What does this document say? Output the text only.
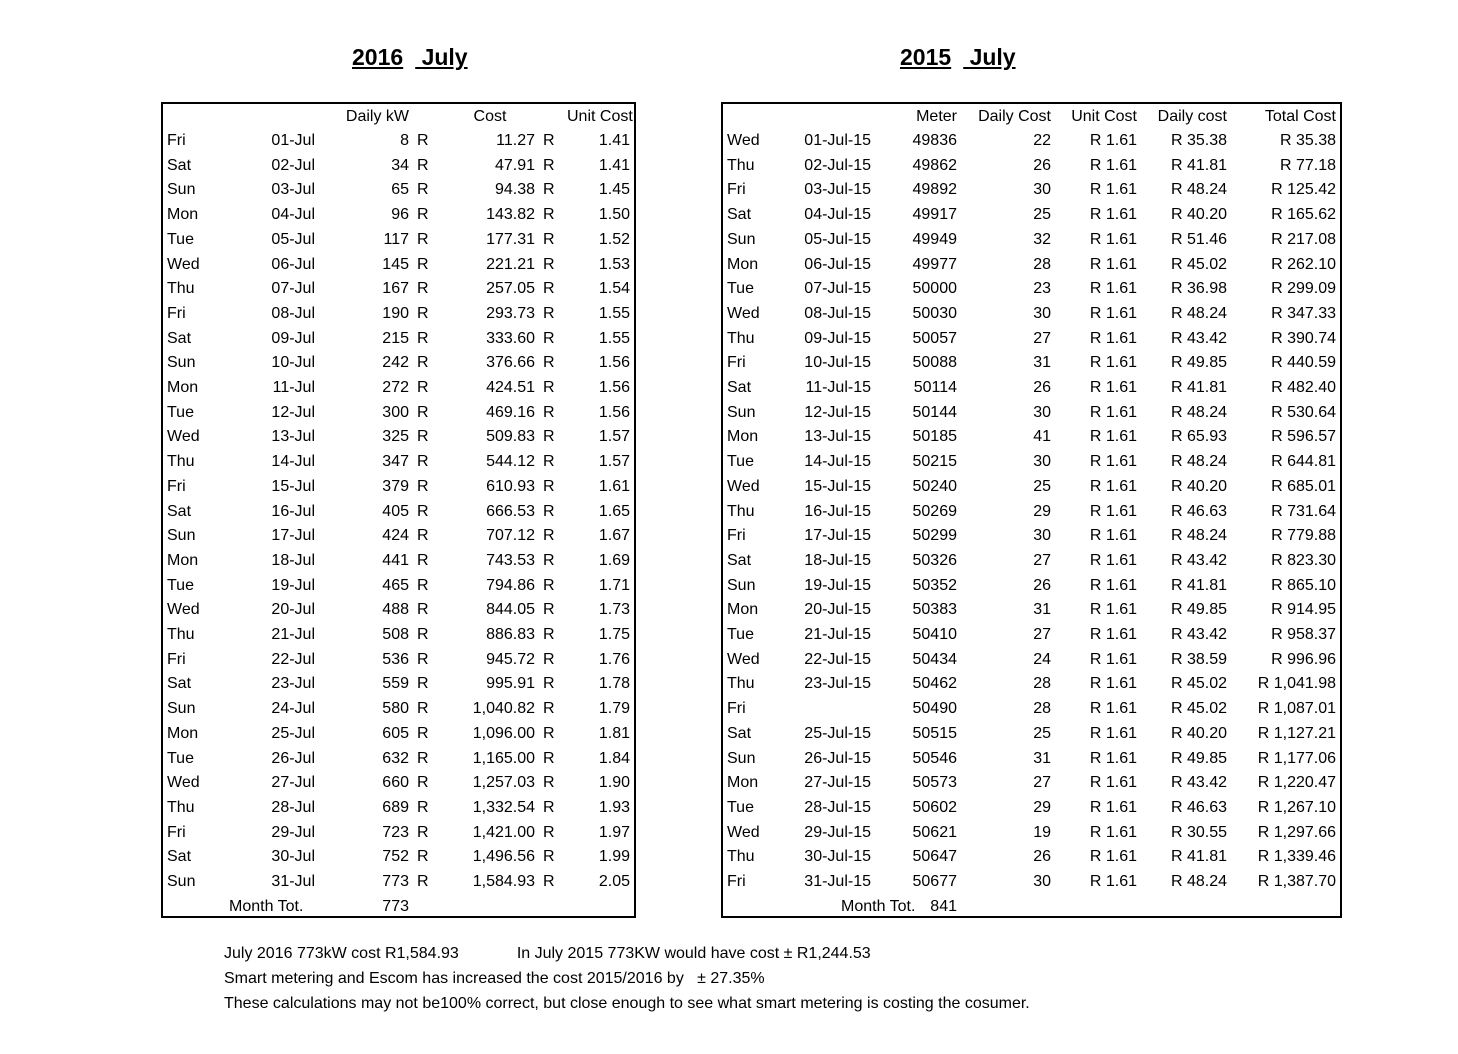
2016 July	2015 July
		Daily kW		Cost		Unit Cost
Fri	01-Jul	8	R	11.27	R	1.41
Sat	02-Jul	34	R	47.91	R	1.41
Sun	03-Jul	65	R	94.38	R	1.45
Mon	04-Jul	96	R	143.82	R	1.50
Tue	05-Jul	117	R	177.31	R	1.52
Wed	06-Jul	145	R	221.21	R	1.53
Thu	07-Jul	167	R	257.05	R	1.54
Fri	08-Jul	190	R	293.73	R	1.55
Sat	09-Jul	215	R	333.60	R	1.55
Sun	10-Jul	242	R	376.66	R	1.56
Mon	11-Jul	272	R	424.51	R	1.56
Tue	12-Jul	300	R	469.16	R	1.56
Wed	13-Jul	325	R	509.83	R	1.57
Thu	14-Jul	347	R	544.12	R	1.57
Fri	15-Jul	379	R	610.93	R	1.61
Sat	16-Jul	405	R	666.53	R	1.65
Sun	17-Jul	424	R	707.12	R	1.67
Mon	18-Jul	441	R	743.53	R	1.69
Tue	19-Jul	465	R	794.86	R	1.71
Wed	20-Jul	488	R	844.05	R	1.73
Thu	21-Jul	508	R	886.83	R	1.75
Fri	22-Jul	536	R	945.72	R	1.76
Sat	23-Jul	559	R	995.91	R	1.78
Sun	24-Jul	580	R	1,040.82	R	1.79
Mon	25-Jul	605	R	1,096.00	R	1.81
Tue	26-Jul	632	R	1,165.00	R	1.84
Wed	27-Jul	660	R	1,257.03	R	1.90
Thu	28-Jul	689	R	1,332.54	R	1.93
Fri	29-Jul	723	R	1,421.00	R	1.97
Sat	30-Jul	752	R	1,496.56	R	1.99
Sun	31-Jul	773	R	1,584.93	R	2.05
	Month Tot.	773				
		Meter	Daily Cost	Unit Cost	Daily cost	Total Cost
Wed	01-Jul-15	49836	22	R 1.61	R 35.38	R 35.38
Thu	02-Jul-15	49862	26	R 1.61	R 41.81	R 77.18
Fri	03-Jul-15	49892	30	R 1.61	R 48.24	R 125.42
Sat	04-Jul-15	49917	25	R 1.61	R 40.20	R 165.62
Sun	05-Jul-15	49949	32	R 1.61	R 51.46	R 217.08
Mon	06-Jul-15	49977	28	R 1.61	R 45.02	R 262.10
Tue	07-Jul-15	50000	23	R 1.61	R 36.98	R 299.09
Wed	08-Jul-15	50030	30	R 1.61	R 48.24	R 347.33
Thu	09-Jul-15	50057	27	R 1.61	R 43.42	R 390.74
Fri	10-Jul-15	50088	31	R 1.61	R 49.85	R 440.59
Sat	11-Jul-15	50114	26	R 1.61	R 41.81	R 482.40
Sun	12-Jul-15	50144	30	R 1.61	R 48.24	R 530.64
Mon	13-Jul-15	50185	41	R 1.61	R 65.93	R 596.57
Tue	14-Jul-15	50215	30	R 1.61	R 48.24	R 644.81
Wed	15-Jul-15	50240	25	R 1.61	R 40.20	R 685.01
Thu	16-Jul-15	50269	29	R 1.61	R 46.63	R 731.64
Fri	17-Jul-15	50299	30	R 1.61	R 48.24	R 779.88
Sat	18-Jul-15	50326	27	R 1.61	R 43.42	R 823.30
Sun	19-Jul-15	50352	26	R 1.61	R 41.81	R 865.10
Mon	20-Jul-15	50383	31	R 1.61	R 49.85	R 914.95
Tue	21-Jul-15	50410	27	R 1.61	R 43.42	R 958.37
Wed	22-Jul-15	50434	24	R 1.61	R 38.59	R 996.96
Thu	23-Jul-15	50462	28	R 1.61	R 45.02	R 1,041.98
Fri		50490	28	R 1.61	R 45.02	R 1,087.01
Sat	25-Jul-15	50515	25	R 1.61	R 40.20	R 1,127.21
Sun	26-Jul-15	50546	31	R 1.61	R 49.85	R 1,177.06
Mon	27-Jul-15	50573	27	R 1.61	R 43.42	R 1,220.47
Tue	28-Jul-15	50602	29	R 1.61	R 46.63	R 1,267.10
Wed	29-Jul-15	50621	19	R 1.61	R 30.55	R 1,297.66
Thu	30-Jul-15	50647	26	R 1.61	R 41.81	R 1,339.46
Fri	31-Jul-15	50677	30	R 1.61	R 48.24	R 1,387.70
	Month Tot.	841				
July 2016 773kW cost R1,584.93	In July 2015 773KW would have cost ± R1,244.53
Smart metering and Escom has increased the cost 2015/2016 by   ± 27.35%
These calculations may not be100% correct, but close enough to see what smart metering is costing the cosumer.
